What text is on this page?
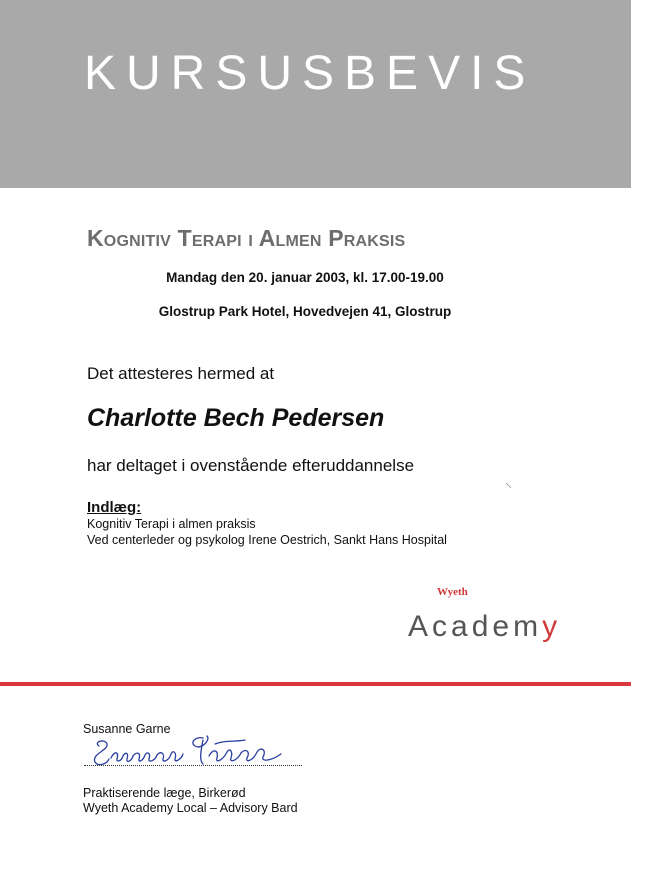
KURSUSBEVIS
Kognitiv Terapi i Almen Praksis
Mandag den 20. januar 2003, kl. 17.00-19.00
Glostrup Park Hotel, Hovedvejen 41, Glostrup
Det attesteres hermed at
Charlotte Bech Pedersen
har deltaget i ovenstående efteruddannelse
Indlæg:
Kognitiv Terapi i almen praksis
Ved centerleder og psykolog Irene Oestrich, Sankt Hans Hospital
Wyeth
Academy
Susanne Garne
Praktiserende læge, Birkerød
Wyeth Academy Local – Advisory Bard
